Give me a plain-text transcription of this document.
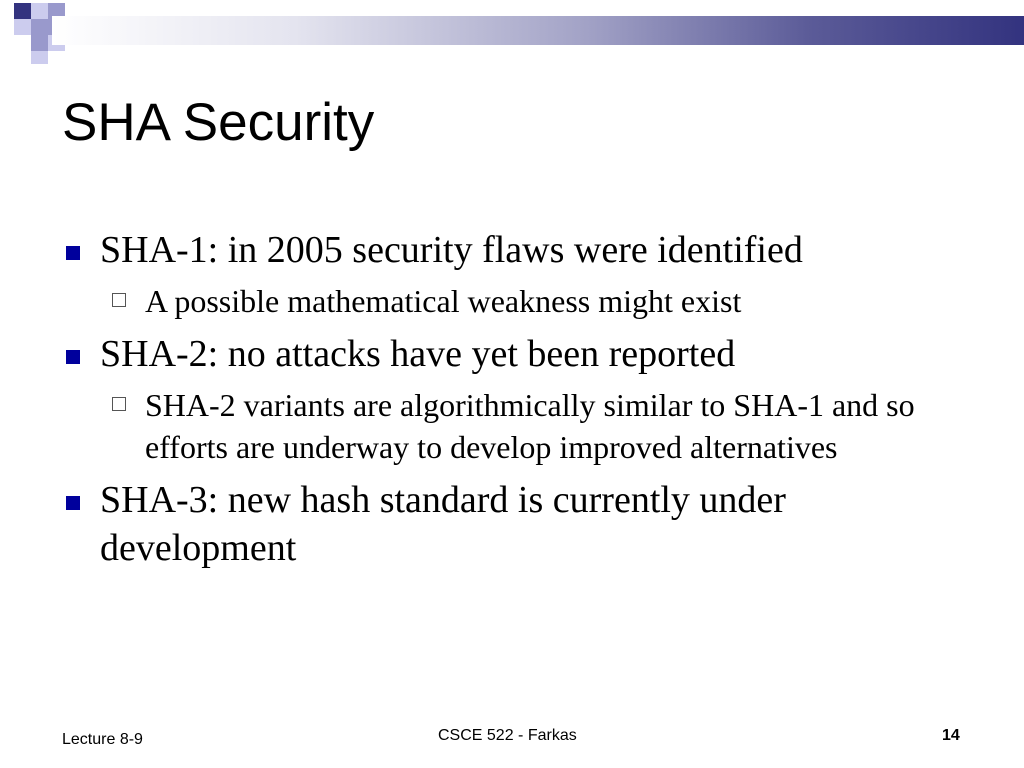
SHA Security
SHA-1: in 2005 security flaws were identified
A possible mathematical weakness might exist
SHA-2: no attacks have yet been reported
SHA-2 variants are algorithmically similar to SHA-1 and so efforts are underway to develop improved alternatives
SHA-3: new hash standard is currently under development
Lecture 8-9	CSCE 522 - Farkas	14
